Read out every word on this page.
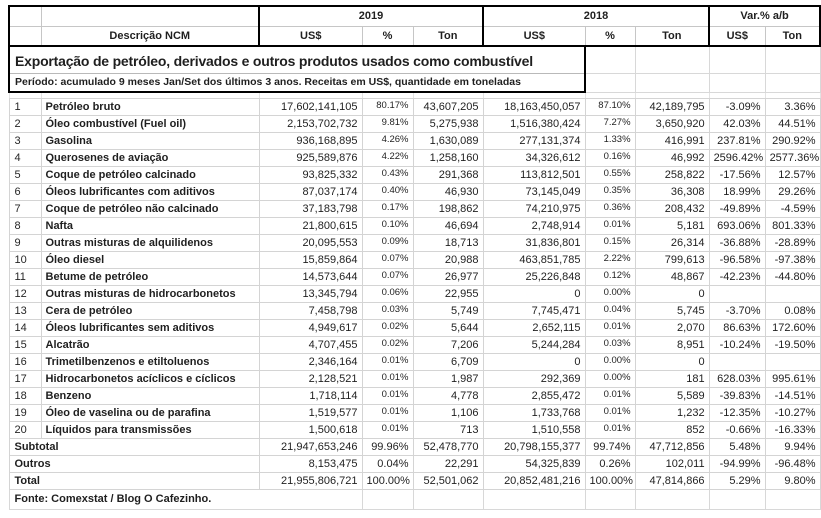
Exportação de petróleo, derivados e outros produtos usados como combustível									
Período: acumulado 9 meses Jan/Set dos últimos 3 anos. Receitas em US$, quantidade em toneladas									

		2019			2018			Var.% a/b	
	Descrição NCM	US$	%	Ton	US$	%	Ton	US$	Ton
1	Petróleo bruto	17,602,141,105	80.17%	43,607,205	18,163,450,057	87.10%	42,189,795	-3.09%	3.36%
2	Óleo combustível (Fuel oil)	2,153,702,732	9.81%	5,275,938	1,516,380,424	7.27%	3,650,920	42.03%	44.51%
3	Gasolina	936,168,895	4.26%	1,630,089	277,131,374	1.33%	416,991	237.81%	290.92%
4	Querosenes de aviação	925,589,876	4.22%	1,258,160	34,326,612	0.16%	46,992	2596.42%	2577.36%
5	Coque de petróleo calcinado	93,825,332	0.43%	291,368	113,812,501	0.55%	258,822	-17.56%	12.57%
6	Óleos lubrificantes com aditivos	87,037,174	0.40%	46,930	73,145,049	0.35%	36,308	18.99%	29.26%
7	Coque de petróleo não calcinado	37,183,798	0.17%	198,862	74,210,975	0.36%	208,432	-49.89%	-4.59%
8	Nafta	21,800,615	0.10%	46,694	2,748,914	0.01%	5,181	693.06%	801.33%
9	Outras misturas de alquilidenos	20,095,553	0.09%	18,713	31,836,801	0.15%	26,314	-36.88%	-28.89%
10	Óleo diesel	15,859,864	0.07%	20,988	463,851,785	2.22%	799,613	-96.58%	-97.38%
11	Betume de petróleo	14,573,644	0.07%	26,977	25,226,848	0.12%	48,867	-42.23%	-44.80%
12	Outras misturas de hidrocarbonetos	13,345,794	0.06%	22,955	0	0.00%	0		
13	Cera de petróleo	7,458,798	0.03%	5,749	7,745,471	0.04%	5,745	-3.70%	0.08%
14	Óleos lubrificantes sem aditivos	4,949,617	0.02%	5,644	2,652,115	0.01%	2,070	86.63%	172.60%
15	Alcatrão	4,707,455	0.02%	7,206	5,244,284	0.03%	8,951	-10.24%	-19.50%
16	Trimetilbenzenos e etiltoluenos	2,346,164	0.01%	6,709	0	0.00%	0		
17	Hidrocarbonetos acíclicos e cíclicos	2,128,521	0.01%	1,987	292,369	0.00%	181	628.03%	995.61%
18	Benzeno	1,718,114	0.01%	4,778	2,855,472	0.01%	5,589	-39.83%	-14.51%
19	Óleo de vaselina ou de parafina	1,519,577	0.01%	1,106	1,733,768	0.01%	1,232	-12.35%	-10.27%
20	Líquidos para transmissões	1,500,618	0.01%	713	1,510,558	0.01%	852	-0.66%	-16.33%
Subtotal		21,947,653,246	99.96%	52,478,770	20,798,155,377	99.74%	47,712,856	5.48%	9.94%
Outros		8,153,475	0.04%	22,291	54,325,839	0.26%	102,011	-94.99%	-96.48%
Total		21,955,806,721	100.00%	52,501,062	20,852,481,216	100.00%	47,814,866	5.29%	9.80%
Fonte: Comexstat / Blog O Cafezinho.									
